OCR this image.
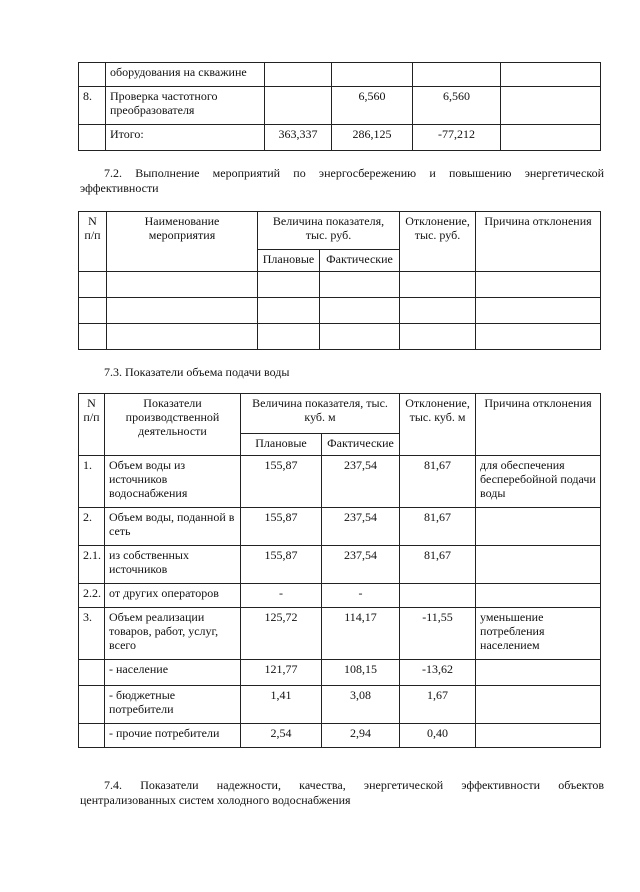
	оборудования на скважине				
8.	Проверка частотного преобразователя		6,560	6,560	
	Итого:	363,337	286,125	-77,212	

7.2. Выполнение мероприятий по энергосбережению и повышению энергетической эффективности

N п/п	Наименование мероприятия	Величина показателя, тыс. руб.		Отклонение, тыс. руб.	Причина отклонения
		Плановые	Фактические		

7.3. Показатели объема подачи воды

N п/п	Показатели производственной деятельности	Величина показателя, тыс. куб. м		Отклонение, тыс. куб. м	Причина отклонения
		Плановые	Фактические		
1.	Объем воды из источников водоснабжения	155,87	237,54	81,67	для обеспечения бесперебойной подачи воды
2.	Объем воды, поданной в сеть	155,87	237,54	81,67	
2.1.	из собственных источников	155,87	237,54	81,67	
2.2.	от других операторов	-	-		
3.	Объем реализации товаров, работ, услуг, всего	125,72	114,17	-11,55	уменьшение потребления населением
	- население	121,77	108,15	-13,62	
	- бюджетные потребители	1,41	3,08	1,67	
	- прочие потребители	2,54	2,94	0,40	

7.4. Показатели надежности, качества, энергетической эффективности объектов централизованных систем холодного водоснабжения
